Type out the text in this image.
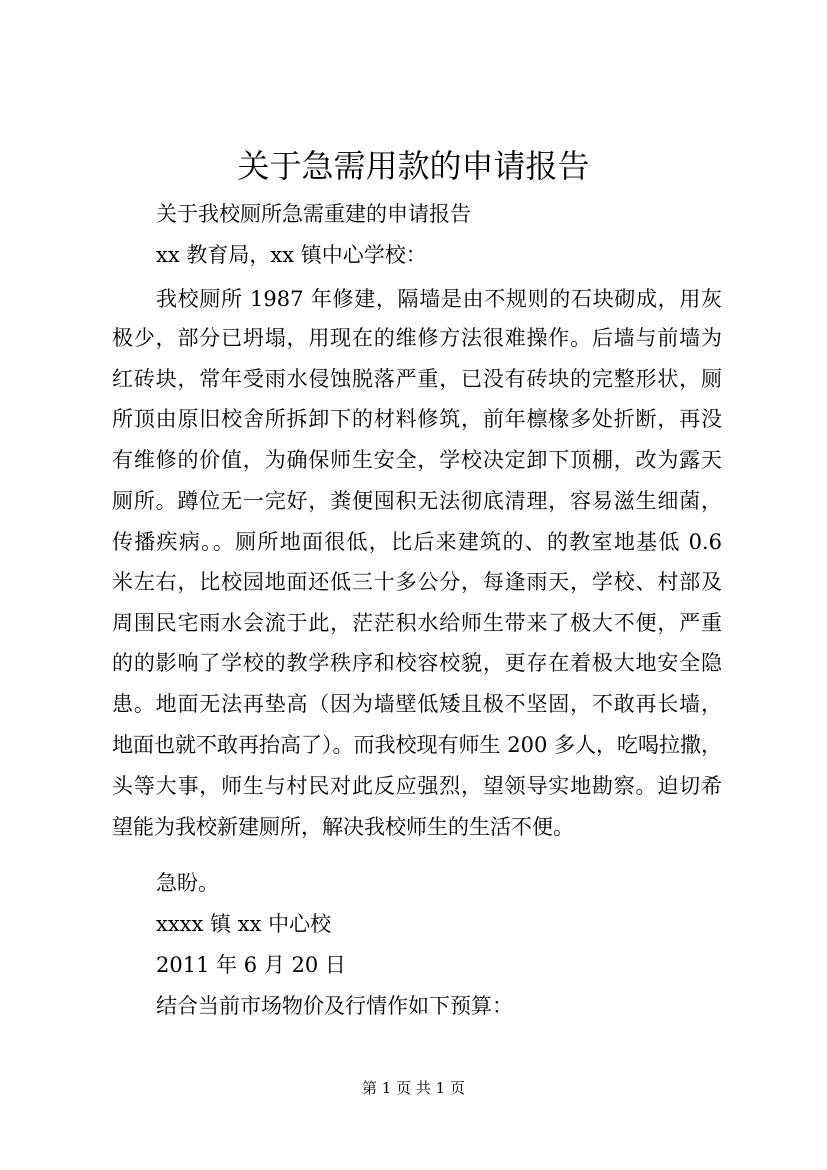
关于急需用款的申请报告

关于我校厕所急需重建的申请报告

xx 教育局，xx 镇中心学校：

我校厕所 1987 年修建，隔墙是由不规则的石块砌成，用灰

极少，部分已坍塌，用现在的维修方法很难操作。后墙与前墙为

红砖块，常年受雨水侵蚀脱落严重，已没有砖块的完整形状，厕

所顶由原旧校舍所拆卸下的材料修筑，前年檩椽多处折断，再没

有维修的价值，为确保师生安全，学校决定卸下顶棚，改为露天

厕所。蹲位无一完好，粪便囤积无法彻底清理，容易滋生细菌，

传播疾病。。厕所地面很低，比后来建筑的、的教室地基低 0.6

米左右，比校园地面还低三十多公分，每逢雨天，学校、村部及

周围民宅雨水会流于此，茫茫积水给师生带来了极大不便，严重

的的影响了学校的教学秩序和校容校貌，更存在着极大地安全隐

患。地面无法再垫高（因为墙壁低矮且极不坚固，不敢再长墙，

地面也就不敢再抬高了）。而我校现有师生 200 多人，吃喝拉撒，

头等大事，师生与村民对此反应强烈，望领导实地勘察。迫切希

望能为我校新建厕所，解决我校师生的生活不便。

急盼。

xxxx 镇 xx 中心校

2011 年 6 月 20 日

结合当前市场物价及行情作如下预算：

第 1 页 共 1 页
